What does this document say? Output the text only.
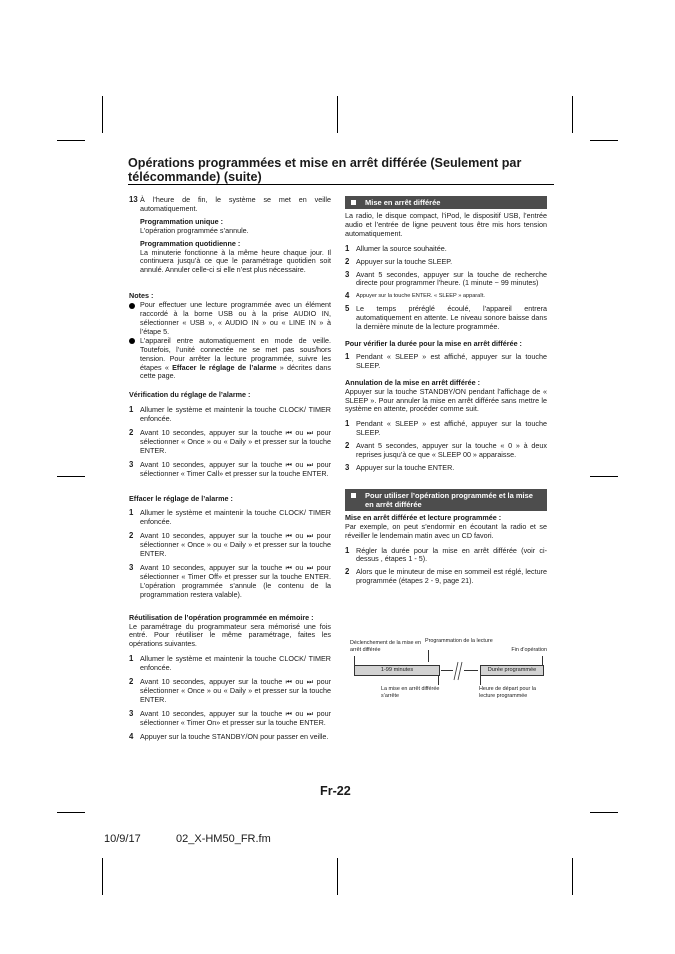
Opérations programmées et mise en arrêt différée (Seulement par télécommande) (suite)
13 À l’heure de fin, le système se met en veille automatiquement.

Programmation unique :

L’opération programmée s’annule.

Programmation quotidienne :

La minuterie fonctionne à la même heure chaque jour. Il continuera jusqu’à ce que le paramétrage quotidien soit annulé. Annuler celle-ci si elle n’est plus nécessaire.

Notes :

Pour effectuer une lecture programmée avec un élément raccordé à la borne USB ou à la prise AUDIO IN, sélectionner « USB », « AUDIO IN » ou « LINE IN » à l’étape 5.
L’appareil entre automatiquement en mode de veille. Toutefois, l’unité connectée ne se met pas sous/hors tension. Pour arrêter la lecture programmée, suivre les étapes « Effacer le réglage de l’alarme » décrites dans cette page.

Vérification du réglage de l’alarme :

1 Allumer le système et maintenir la touche CLOCK/ TIMER enfoncée.
2 Avant 10 secondes, appuyer sur la touche ⏮ ou ⏭ pour sélectionner « Once » ou « Daily » et presser sur la touche ENTER.
3 Avant 10 secondes, appuyer sur la touche ⏮ ou ⏭ pour sélectionner « Timer Call» et presser sur la touche ENTER.

Effacer le réglage de l’alarme :

1 Allumer le système et maintenir la touche CLOCK/ TIMER enfoncée.
2 Avant 10 secondes, appuyer sur la touche ⏮ ou ⏭ pour sélectionner « Once » ou « Daily » et presser sur la touche ENTER.
3 Avant 10 secondes, appuyer sur la touche ⏮ ou ⏭ pour sélectionner « Timer Off» et presser sur la touche ENTER. L’opération programmée s’annule (le contenu de la programmation restera valable).

Réutilisation de l’opération programmée en mémoire :

Le paramétrage du programmateur sera mémorisé une fois entré. Pour réutiliser le même paramétrage, faites les opérations suivantes.

1 Allumer le système et maintenir la touche CLOCK/ TIMER enfoncée.
2 Avant 10 secondes, appuyer sur la touche ⏮ ou ⏭ pour sélectionner « Once » ou « Daily » et presser sur la touche ENTER.
3 Avant 10 secondes, appuyer sur la touche ⏮ ou ⏭ pour sélectionner « Timer On» et presser sur la touche ENTER.
4 Appuyer sur la touche STANDBY/ON pour passer en veille.
Mise en arrêt différée

La radio, le disque compact, l’iPod, le dispositif USB, l’entrée audio et l’entrée de ligne peuvent tous être mis hors tension automatiquement.

1 Allumer la source souhaitée.
2 Appuyer sur la touche SLEEP.
3 Avant 5 secondes, appuyer sur la touche de recherche directe pour programmer l’heure. (1 minute ~ 99 minutes)
4	Appuyer sur la touche ENTER. « SLEEP » apparaît.
5 Le temps préréglé écoulé, l’appareil entrera automatiquement en attente. Le niveau sonore baisse dans la dernière minute de la lecture programmée.

Pour vérifier la durée pour la mise en arrêt différée :

1 Pendant « SLEEP » est affiché, appuyer sur la touche SLEEP.

Annulation de la mise en arrêt différée :

Appuyer sur la touche STANDBY/ON pendant l’affichage de « SLEEP ». Pour annuler la mise en arrêt différée sans mettre le système en attente, procéder comme suit.

1 Pendant « SLEEP » est affiché, appuyer sur la touche SLEEP.
2 Avant 5 secondes, appuyer sur la touche « 0 » à deux reprises jusqu’à ce que « SLEEP 00 » apparaisse.
3 Appuyer sur la touche ENTER.
Pour utiliser l’opération programmée et la mise en arrêt différée

Mise en arrêt différée et lecture programmée :

Par exemple, on peut s’endormir en écoutant la radio et se réveiller le lendemain matin avec un CD favori.

1 Régler la durée pour la mise en arrêt différée (voir ci-dessus , étapes 1 - 5).
2 Alors que le minuteur de mise en sommeil est réglé, lecture programmée (étapes 2 - 9, page 21).
Déclenchement de la mise en arrêt différée
Programmation de la lecture
Fin d’opération
1-99 minutes	Durée programmée
La mise en arrêt différée s’arrête
Heure de départ pour la lecture programmée
Fr-22
10/9/17	02_X-HM50_FR.fm
